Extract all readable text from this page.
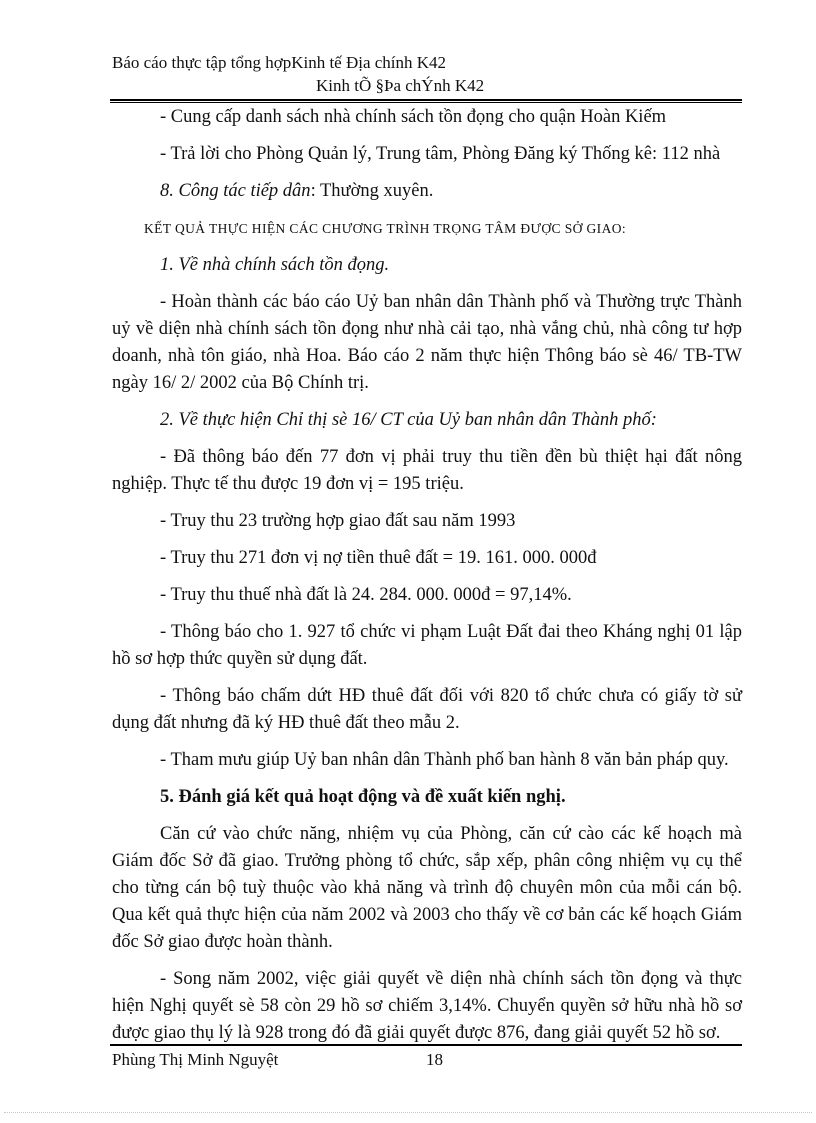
Báo cáo thực tập tổng hợpKinh tế Địa chính K42
Kinh tÕ §Þa chÝnh K42

- Cung cấp danh sách nhà chính sách tồn đọng cho quận Hoàn Kiếm

- Trả lời cho Phòng Quản lý, Trung tâm, Phòng Đăng ký Thống kê: 112 nhà

8. Công tác tiếp dân: Thường xuyên.

KẾT QUẢ THỰC HIỆN CÁC CHƯƠNG TRÌNH TRỌNG TÂM ĐƯỢC SỞ GIAO:

1. Về nhà chính sách tồn đọng.

- Hoàn thành các báo cáo Uỷ ban nhân dân Thành phố và Thường trực Thành uỷ về diện nhà chính sách tồn đọng như nhà cải tạo, nhà vắng chủ, nhà công tư hợp doanh, nhà tôn giáo, nhà Hoa. Báo cáo 2 năm thực hiện Thông báo sè 46/ TB-TW ngày 16/ 2/ 2002 của Bộ Chính trị.

2. Về thực hiện Chỉ thị sè 16/ CT của Uỷ ban nhân dân Thành phố:

- Đã thông báo đến 77 đơn vị phải truy thu tiền đền bù thiệt hại đất nông nghiệp. Thực tế thu được 19 đơn vị = 195 triệu.

- Truy thu 23 trường hợp giao đất sau năm 1993

- Truy thu 271 đơn vị nợ tiền thuê đất = 19. 161. 000. 000đ

- Truy thu thuế nhà đất là 24. 284. 000. 000đ = 97,14%.

- Thông báo cho 1. 927 tổ chức vi phạm Luật Đất đai theo Kháng nghị 01 lập hồ sơ hợp thức quyền sử dụng đất.

- Thông báo chấm dứt HĐ thuê đất đối với 820 tổ chức chưa có giấy tờ sử dụng đất nhưng đã ký HĐ thuê đất theo mẫu 2.

- Tham mưu giúp Uỷ ban nhân dân Thành phố ban hành 8 văn bản pháp quy.

5. Đánh giá kết quả hoạt động và đề xuất kiến nghị.

Căn cứ vào chức năng, nhiệm vụ của Phòng, căn cứ cào các kế hoạch mà Giám đốc Sở đã giao. Trưởng phòng tổ chức, sắp xếp, phân công nhiệm vụ cụ thể cho từng cán bộ tuỳ thuộc vào khả năng và trình độ chuyên môn của mỗi cán bộ. Qua kết quả thực hiện của năm 2002 và 2003 cho thấy về cơ bản các kế hoạch Giám đốc Sở giao được hoàn thành.

- Song năm 2002, việc giải quyết về diện nhà chính sách tồn đọng và thực hiện Nghị quyết sè 58 còn 29 hồ sơ chiếm 3,14%. Chuyển quyền sở hữu nhà hồ sơ được giao thụ lý là 928 trong đó đã giải quyết được 876, đang giải quyết 52 hồ sơ.

Phùng Thị Minh Nguyệt	18
